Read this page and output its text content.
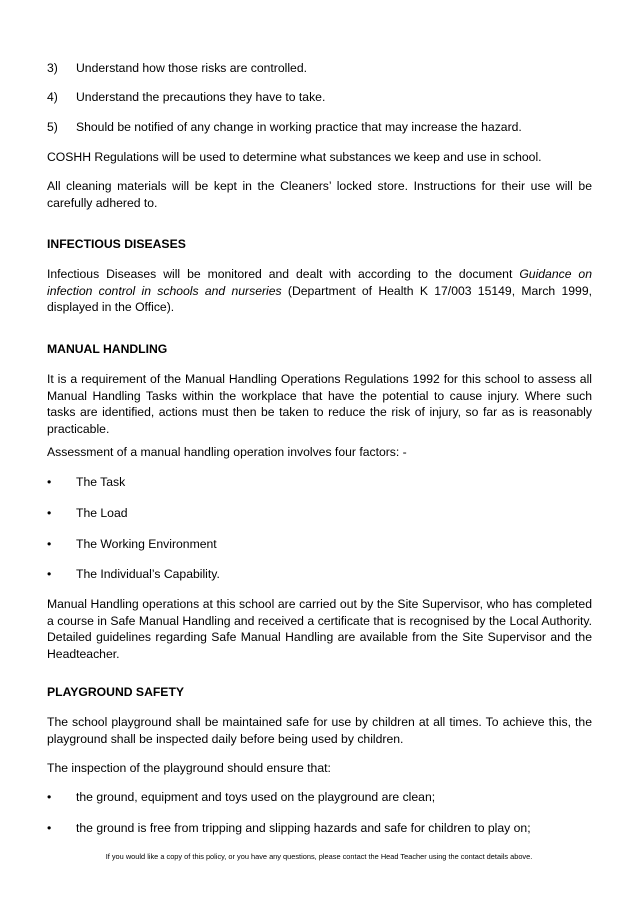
3) Understand how those risks are controlled.
4) Understand the precautions they have to take.
5) Should be notified of any change in working practice that may increase the hazard.

COSHH Regulations will be used to determine what substances we keep and use in school.

All cleaning materials will be kept in the Cleaners’ locked store. Instructions for their use will be carefully adhered to.

INFECTIOUS DISEASES

Infectious Diseases will be monitored and dealt with according to the document Guidance on infection control in schools and nurseries (Department of Health K 17/003 15149, March 1999, displayed in the Office).

MANUAL HANDLING

It is a requirement of the Manual Handling Operations Regulations 1992 for this school to assess all Manual Handling Tasks within the workplace that have the potential to cause injury. Where such tasks are identified, actions must then be taken to reduce the risk of injury, so far as is reasonably practicable.

Assessment of a manual handling operation involves four factors: -

• The Task
• The Load
• The Working Environment
• The Individual’s Capability.

Manual Handling operations at this school are carried out by the Site Supervisor, who has completed a course in Safe Manual Handling and received a certificate that is recognised by the Local Authority. Detailed guidelines regarding Safe Manual Handling are available from the Site Supervisor and the Headteacher.

PLAYGROUND SAFETY

The school playground shall be maintained safe for use by children at all times. To achieve this, the playground shall be inspected daily before being used by children.

The inspection of the playground should ensure that:

• the ground, equipment and toys used on the playground are clean;
• the ground is free from tripping and slipping hazards and safe for children to play on;
If you would like a copy of this policy, or you have any questions, please contact the Head Teacher using the contact details above.
